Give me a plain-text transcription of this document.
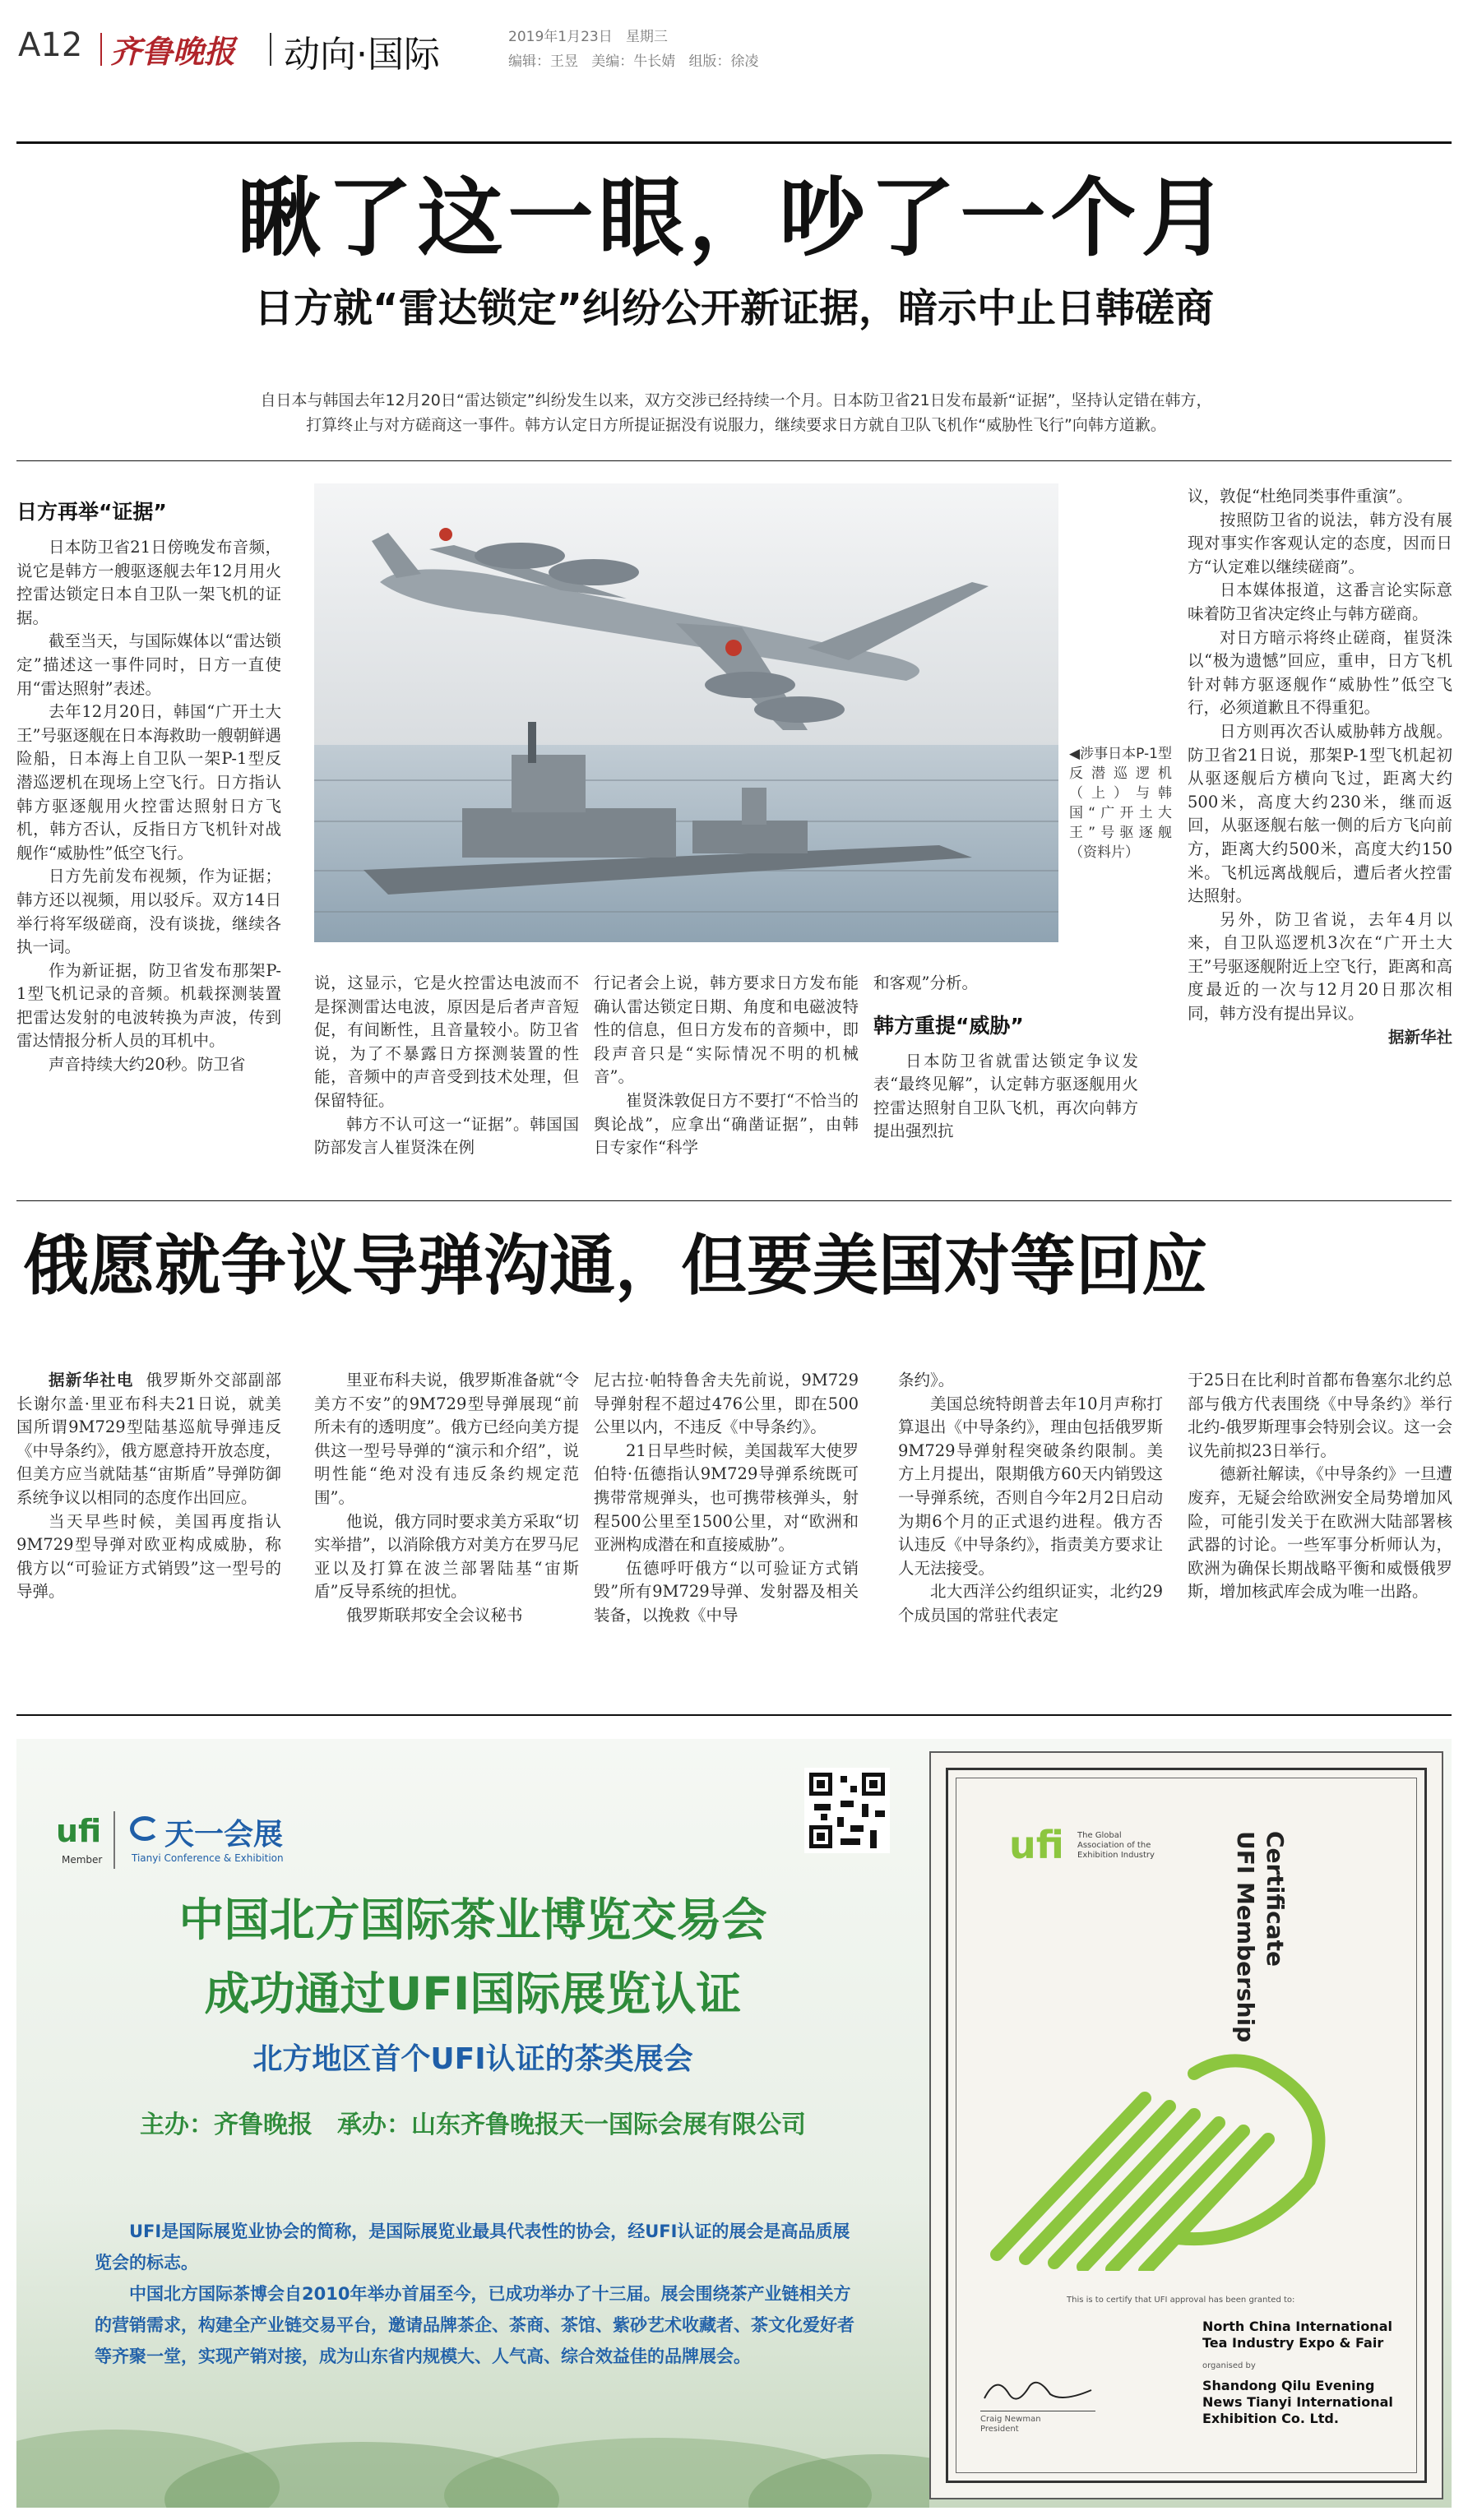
A12 齐鲁晚报 动向·国际	2019年1月23日 星期三
编辑：王昱 美编：牛长婧 组版：徐凌
瞅了这一眼，吵了一个月
日方就“雷达锁定”纠纷公开新证据，暗示中止日韩磋商
自日本与韩国去年12月20日“雷达锁定”纠纷发生以来，双方交涉已经持续一个月。日本防卫省21日发布最新“证据”，坚持认定错在韩方，
打算终止与对方磋商这一事件。韩方认定日方所提证据没有说服力，继续要求日方就自卫队飞机作“威胁性飞行”向韩方道歉。
◀涉事日本P-1型反潜巡逻机（上）与韩国“广开土大王”号驱逐舰（资料片）
日方再举“证据”

日本防卫省21日傍晚发布音频，说它是韩方一艘驱逐舰去年12月用火控雷达锁定日本自卫队一架飞机的证据。

截至当天，与国际媒体以“雷达锁定”描述这一事件同时，日方一直使用“雷达照射”表述。

去年12月20日，韩国“广开土大王”号驱逐舰在日本海救助一艘朝鲜遇险船，日本海上自卫队一架P-1型反潜巡逻机在现场上空飞行。日方指认韩方驱逐舰用火控雷达照射日方飞机，韩方否认，反指日方飞机针对战舰作“威胁性”低空飞行。

日方先前发布视频，作为证据；韩方还以视频，用以驳斥。双方14日举行将军级磋商，没有谈拢，继续各执一词。

作为新证据，防卫省发布那架P-1型飞机记录的音频。机载探测装置把雷达发射的电波转换为声波，传到雷达情报分析人员的耳机中。

声音持续大约20秒。防卫省

说，这显示，它是火控雷达电波而不是探测雷达电波，原因是后者声音短促，有间断性，且音量较小。防卫省说，为了不暴露日方探测装置的性能，音频中的声音受到技术处理，但保留特征。

韩方不认可这一“证据”。韩国国防部发言人崔贤洙在例

行记者会上说，韩方要求日方发布能确认雷达锁定日期、角度和电磁波特性的信息，但日方发布的音频中，即段声音只是“实际情况不明的机械音”。

崔贤洙敦促日方不要打“不恰当的舆论战”，应拿出“确凿证据”，由韩日专家作“科学

和客观”分析。

韩方重提“威胁”

日本防卫省就雷达锁定争议发表“最终见解”，认定韩方驱逐舰用火控雷达照射自卫队飞机，再次向韩方提出强烈抗

议，敦促“杜绝同类事件重演”。

按照防卫省的说法，韩方没有展现对事实作客观认定的态度，因而日方“认定难以继续磋商”。

日本媒体报道，这番言论实际意味着防卫省决定终止与韩方磋商。

对日方暗示将终止磋商，崔贤洙以“极为遗憾”回应，重申，日方飞机针对韩方驱逐舰作“威胁性”低空飞行，必须道歉且不得重犯。

日方则再次否认威胁韩方战舰。防卫省21日说，那架P-1型飞机起初从驱逐舰后方横向飞过，距离大约500米，高度大约230米，继而返回，从驱逐舰右舷一侧的后方飞向前方，距离大约500米，高度大约150米。飞机远离战舰后，遭后者火控雷达照射。

另外，防卫省说，去年4月以来，自卫队巡逻机3次在“广开土大王”号驱逐舰附近上空飞行，距离和高度最近的一次与12月20日那次相同，韩方没有提出异议。

据新华社
俄愿就争议导弹沟通，但要美国对等回应

据新华社电 俄罗斯外交部副部长谢尔盖·里亚布科夫21日说，就美国所谓9M729型陆基巡航导弹违反《中导条约》，俄方愿意持开放态度，但美方应当就陆基“宙斯盾”导弹防御系统争议以相同的态度作出回应。

当天早些时候，美国再度指认9M729型导弹对欧亚构成威胁，称俄方以“可验证方式销毁”这一型号的导弹。

里亚布科夫说，俄罗斯准备就“令美方不安”的9M729型导弹展现“前所未有的透明度”。俄方已经向美方提供这一型号导弹的“演示和介绍”，说明性能“绝对没有违反条约规定范围”。

他说，俄方同时要求美方采取“切实举措”，以消除俄方对美方在罗马尼亚以及打算在波兰部署陆基“宙斯盾”反导系统的担忧。

俄罗斯联邦安全会议秘书

尼古拉·帕特鲁舍夫先前说，9M729导弹射程不超过476公里，即在500公里以内，不违反《中导条约》。

21日早些时候，美国裁军大使罗伯特·伍德指认9M729导弹系统既可携带常规弹头，也可携带核弹头，射程500公里至1500公里，对“欧洲和亚洲构成潜在和直接威胁”。

伍德呼吁俄方“以可验证方式销毁”所有9M729导弹、发射器及相关装备，以挽救《中导

条约》。

美国总统特朗普去年10月声称打算退出《中导条约》，理由包括俄罗斯9M729导弹射程突破条约限制。美方上月提出，限期俄方60天内销毁这一导弹系统，否则自今年2月2日启动为期6个月的正式退约进程。俄方否认违反《中导条约》，指责美方要求让人无法接受。

北大西洋公约组织证实，北约29个成员国的常驻代表定

于25日在比利时首都布鲁塞尔北约总部与俄方代表围绕《中导条约》举行北约-俄罗斯理事会特别会议。这一会议先前拟23日举行。

德新社解读，《中导条约》一旦遭废弃，无疑会给欧洲安全局势增加风险，可能引发关于在欧洲大陆部署核武器的讨论。一些军事分析师认为，欧洲为确保长期战略平衡和威慑俄罗斯，增加核武库会成为唯一出路。

ufi
Member
天一会展
Tianyi Conference & Exhibition
中国北方国际茶业博览交易会
成功通过UFI国际展览认证
北方地区首个UFI认证的茶类展会
主办：齐鲁晚报　承办：山东齐鲁晚报天一国际会展有限公司

UFI是国际展览业协会的简称，是国际展览业最具代表性的协会，经UFI认证的展会是高品质展览会的标志。

中国北方国际茶博会自2010年举办首届至今，已成功举办了十三届。展会围绕茶产业链相关方的营销需求，构建全产业链交易平台，邀请品牌茶企、茶商、茶馆、紫砂艺术收藏者、茶文化爱好者等齐聚一堂，实现产销对接，成为山东省内规模大、人气高、综合效益佳的品牌展会。

ufi The Global
Association of the
Exhibition Industry	UFI Membership Certificate
This is to certify that UFI approval has been granted to:
North China International
Tea Industry Expo & Fair
organised by
Shandong Qilu Evening
News Tianyi International
Exhibition Co. Ltd.
Craig Newman
President
